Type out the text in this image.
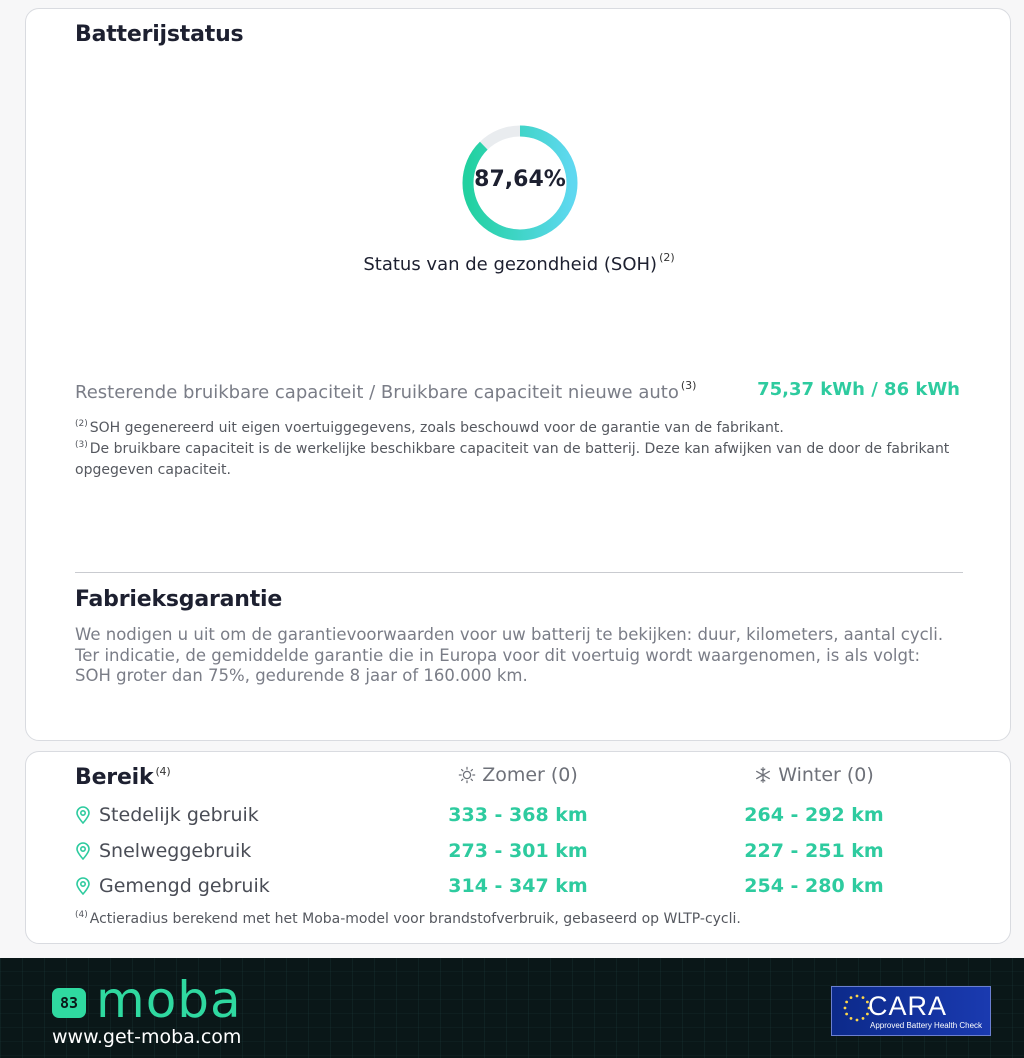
Batterijstatus
87,64%
Status van de gezondheid (SOH) $^{(2)}$
Resterende bruikbare capaciteit / Bruikbare capaciteit nieuwe auto $^{(3)}$	75,37 kWh / 86 kWh
$^{(2)}$ SOH gegenereerd uit eigen voertuiggegevens, zoals beschouwd voor de garantie van de fabrikant.
$^{(3)}$ De bruikbare capaciteit is de werkelijke beschikbare capaciteit van de batterij. Deze kan afwijken van de door de fabrikant opgegeven capaciteit.
Fabrieksgarantie
We nodigen u uit om de garantievoorwaarden voor uw batterij te bekijken: duur, kilometers, aantal cycli. Ter indicatie, de gemiddelde garantie die in Europa voor dit voertuig wordt waargenomen, is als volgt: SOH groter dan 75%, gedurende 8 jaar of 160.000 km.
Bereik $^{(4)}$	Zomer (0)	Winter (0)
Stedelijk gebruik	333 - 368 km	264 - 292 km
Snelweggebruik	273 - 301 km	227 - 251 km
Gemengd gebruik	314 - 347 km	254 - 280 km
$^{(4)}$ Actieradius berekend met het Moba-model voor brandstofverbruik, gebaseerd op WLTP-cycli.
83 moba
www.get-moba.com
CARA
Approved Battery Health Check
